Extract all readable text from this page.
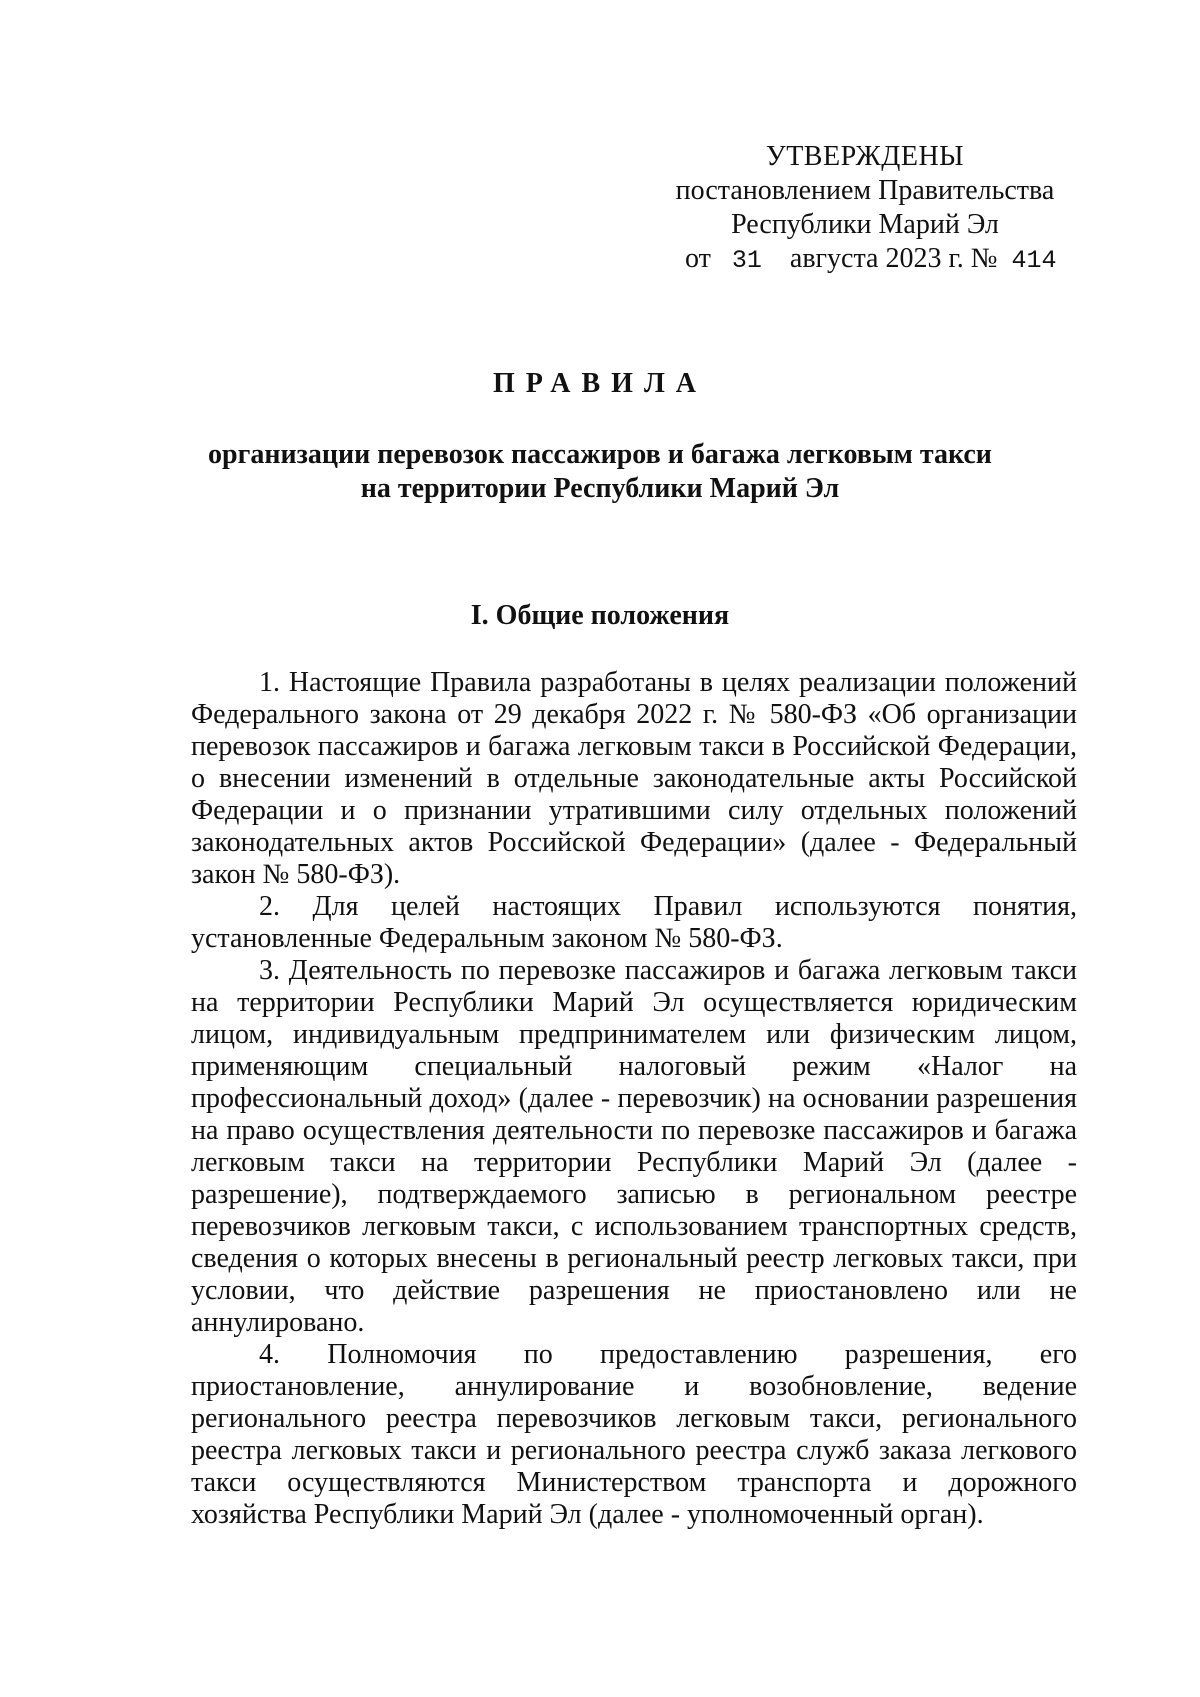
УТВЕРЖДЕНЫ
постановлением Правительства
Республики Марий Эл
от 31 августа 2023 г. № 414
ПРАВИЛА
организации перевозок пассажиров и багажа легковым такси
на территории Республики Марий Эл
I. Общие положения

1. Настоящие Правила разработаны в целях реализации положений Федерального закона от 29 декабря 2022 г. № 580-ФЗ «Об организации перевозок пассажиров и багажа легковым такси в Российской Федерации, о внесении изменений в отдельные законодательные акты Российской Федерации и о признании утратившими силу отдельных положений законодательных актов Российской Федерации» (далее - Федеральный закон № 580-ФЗ).

2. Для целей настоящих Правил используются понятия, установленные Федеральным законом № 580-ФЗ.

3. Деятельность по перевозке пассажиров и багажа легковым такси на территории Республики Марий Эл осуществляется юридическим лицом, индивидуальным предпринимателем или физическим лицом, применяющим специальный налоговый режим «Налог на профессиональный доход» (далее - перевозчик) на основании разрешения на право осуществления деятельности по перевозке пассажиров и багажа легковым такси на территории Республики Марий Эл (далее - разрешение), подтверждаемого записью в региональном реестре перевозчиков легковым такси, с использованием транспортных средств, сведения о которых внесены в региональный реестр легковых такси, при условии, что действие разрешения не приостановлено или не аннулировано.

4. Полномочия по предоставлению разрешения, его приостановление, аннулирование и возобновление, ведение регионального реестра перевозчиков легковым такси, регионального реестра легковых такси и регионального реестра служб заказа легкового такси осуществляются Министерством транспорта и дорожного хозяйства Республики Марий Эл (далее - уполномоченный орган).
